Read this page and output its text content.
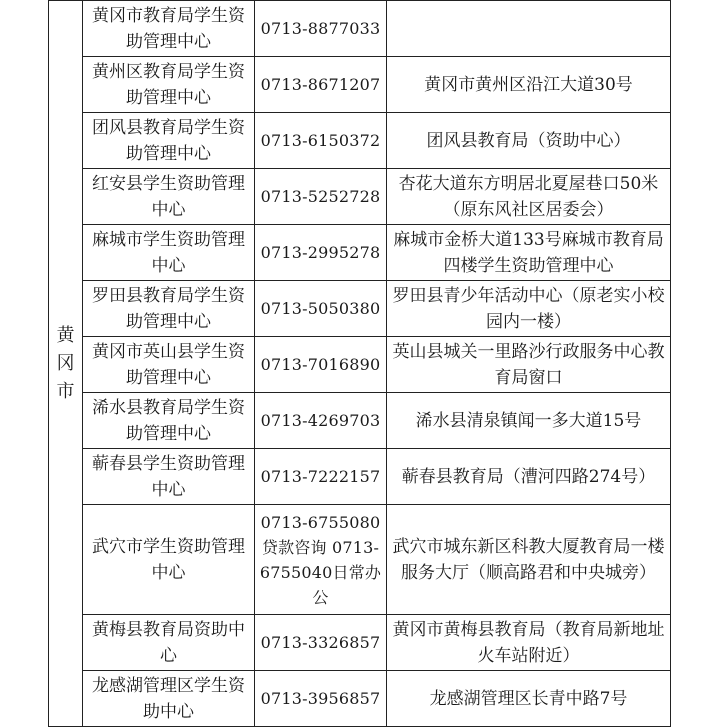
黄冈市	黄冈市教育局学生资助管理中心	0713-8877033	
	黄州区教育局学生资助管理中心	0713-8671207	黄冈市黄州区沿江大道30号
	团风县教育局学生资助管理中心	0713-6150372	团风县教育局（资助中心）
	红安县学生资助管理中心	0713-5252728	杏花大道东方明居北夏屋巷口50米（原东风社区居委会）
	麻城市学生资助管理中心	0713-2995278	麻城市金桥大道133号麻城市教育局四楼学生资助管理中心
	罗田县教育局学生资助管理中心	0713-5050380	罗田县青少年活动中心（原老实小校园内一楼）
	黄冈市英山县学生资助管理中心	0713-7016890	英山县城关一里路沙行政服务中心教育局窗口
	浠水县教育局学生资助管理中心	0713-4269703	浠水县清泉镇闻一多大道15号
	蕲春县学生资助管理中心	0713-7222157	蕲春县教育局（漕河四路274号）
	武穴市学生资助管理中心	0713-6755080贷款咨询 0713-6755040日常办公	武穴市城东新区科教大厦教育局一楼服务大厅（顺高路君和中央城旁）
	黄梅县教育局资助中心	0713-3326857	黄冈市黄梅县教育局（教育局新地址火车站附近）
	龙感湖管理区学生资助中心	0713-3956857	龙感湖管理区长青中路7号
